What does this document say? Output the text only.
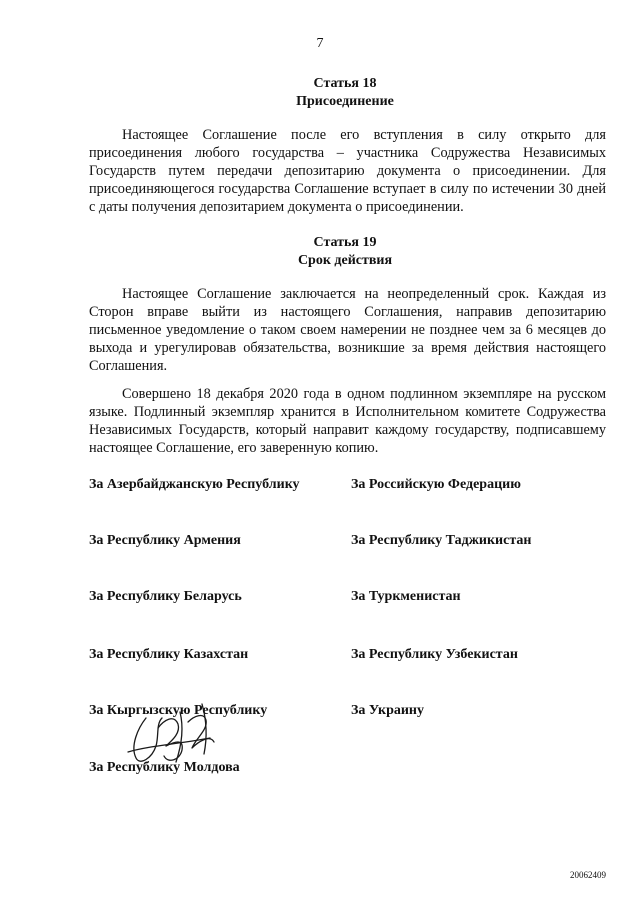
7
Статья 18
Присоединение

Настоящее Соглашение после его вступления в силу открыто для присоединения любого государства – участника Содружества Независимых Государств путем передачи депозитарию документа о присоединении. Для присоединяющегося государства Соглашение вступает в силу по истечении 30 дней с даты получения депозитарием документа о присоединении.

Статья 19
Срок действия

Настоящее Соглашение заключается на неопределенный срок. Каждая из Сторон вправе выйти из настоящего Соглашения, направив депозитарию письменное уведомление о таком своем намерении не позднее чем за 6 месяцев до выхода и урегулировав обязательства, возникшие за время действия настоящего Соглашения.

Совершено 18 декабря 2020 года в одном подлинном экземпляре на русском языке. Подлинный экземпляр хранится в Исполнительном комитете Содружества Независимых Государств, который направит каждому государству, подписавшему настоящее Соглашение, его заверенную копию.

За Азербайджанскую Республику
За Республику Армения
За Республику Беларусь
За Республику Казахстан
За Кыргызскую Республику
За Республику Молдова
За Российскую Федерацию
За Республику Таджикистан
За Туркменистан
За Республику Узбекистан
За Украину
20062409
